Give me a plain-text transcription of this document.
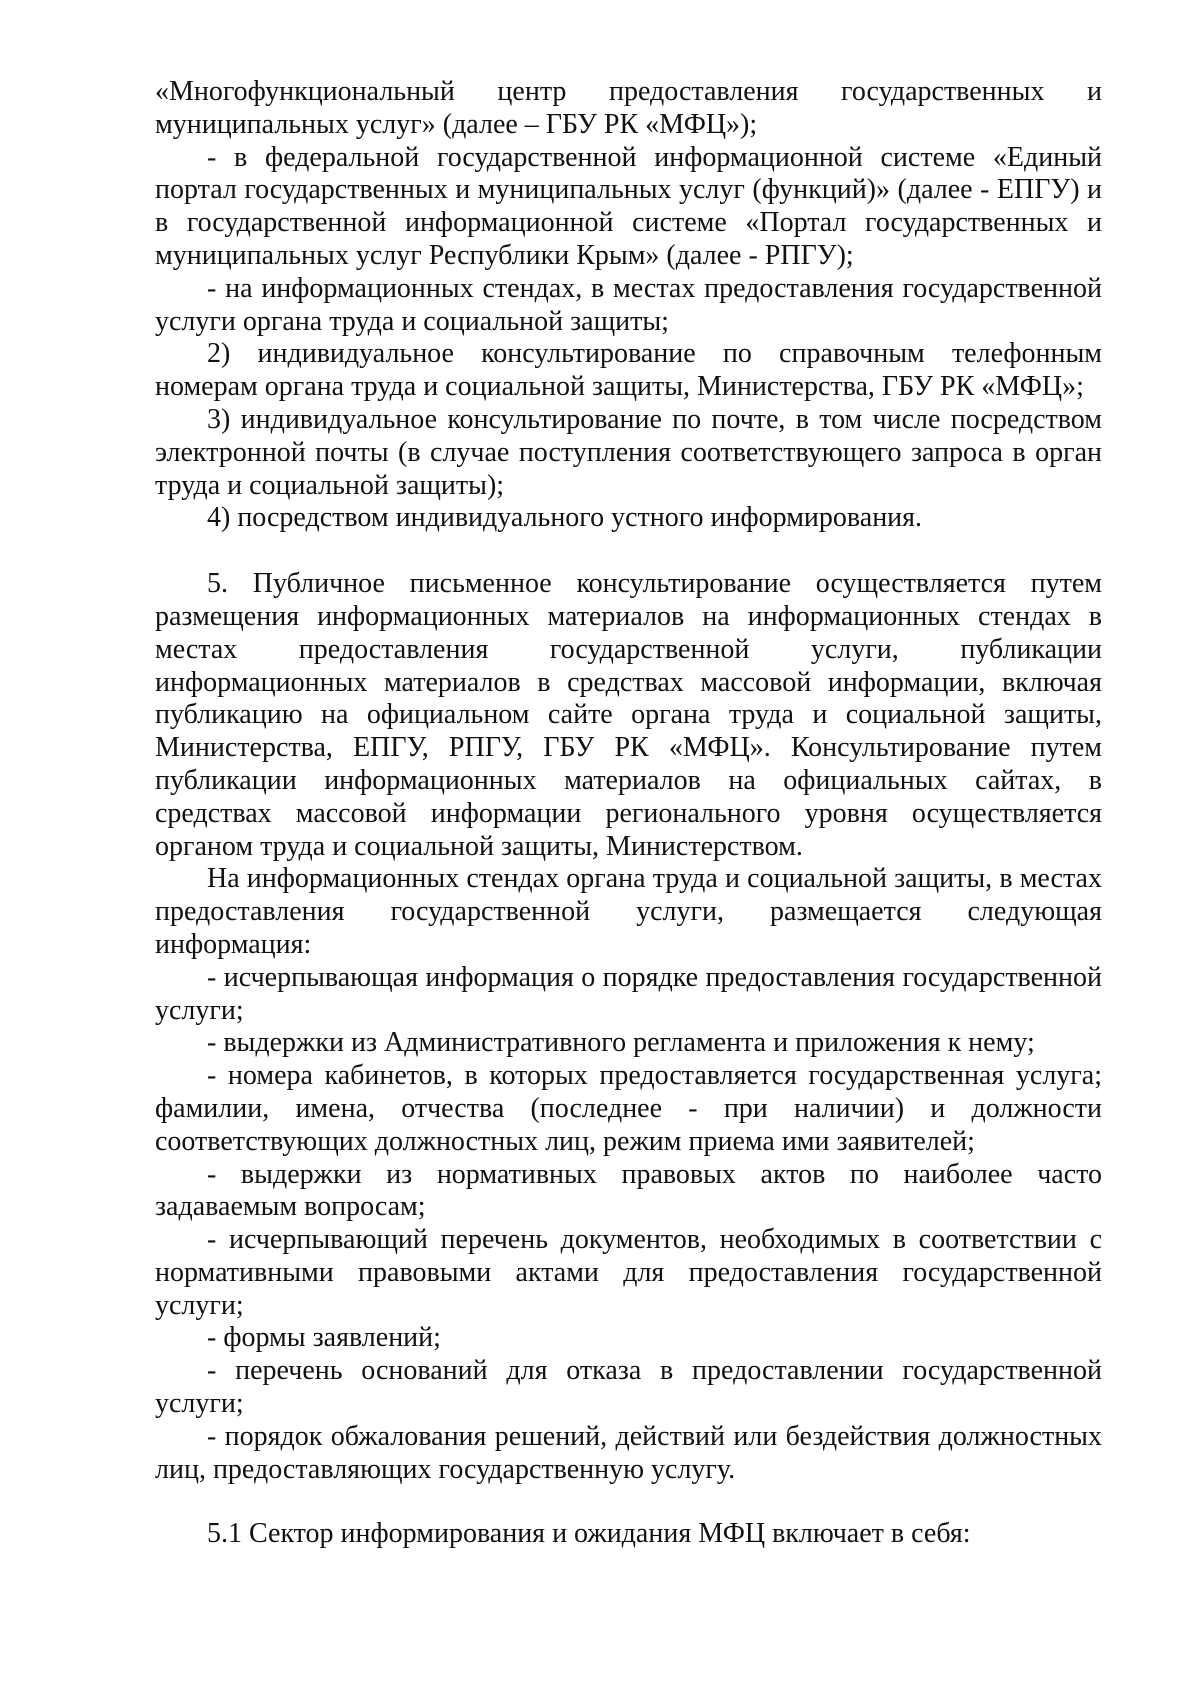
«Многофункциональный центр предоставления государственных и муниципальных услуг» (далее – ГБУ РК «МФЦ»);

- в федеральной государственной информационной системе «Единый портал государственных и муниципальных услуг (функций)» (далее - ЕПГУ) и в государственной информационной системе «Портал государственных и муниципальных услуг Республики Крым» (далее - РПГУ);

- на информационных стендах, в местах предоставления государственной услуги органа труда и социальной защиты;

2) индивидуальное консультирование по справочным телефонным номерам органа труда и социальной защиты, Министерства, ГБУ РК «МФЦ»;

3) индивидуальное консультирование по почте, в том числе посредством электронной почты (в случае поступления соответствующего запроса в орган труда и социальной защиты);

4) посредством индивидуального устного информирования.

5. Публичное письменное консультирование осуществляется путем размещения информационных материалов на информационных стендах в местах предоставления государственной услуги, публикации информационных материалов в средствах массовой информации, включая публикацию на официальном сайте органа труда и социальной защиты, Министерства, ЕПГУ, РПГУ, ГБУ РК «МФЦ». Консультирование путем публикации информационных материалов на официальных сайтах, в средствах массовой информации регионального уровня осуществляется органом труда и социальной защиты, Министерством.

На информационных стендах органа труда и социальной защиты, в местах предоставления государственной услуги, размещается следующая информация:

- исчерпывающая информация о порядке предоставления государственной услуги;

- выдержки из Административного регламента и приложения к нему;

- номера кабинетов, в которых предоставляется государственная услуга; фамилии, имена, отчества (последнее - при наличии) и должности соответствующих должностных лиц, режим приема ими заявителей;

- выдержки из нормативных правовых актов по наиболее часто задаваемым вопросам;

- исчерпывающий перечень документов, необходимых в соответствии с нормативными правовыми актами для предоставления государственной услуги;

- формы заявлений;

- перечень оснований для отказа в предоставлении государственной услуги;

- порядок обжалования решений, действий или бездействия должностных лиц, предоставляющих государственную услугу.

5.1 Сектор информирования и ожидания МФЦ включает в себя:
